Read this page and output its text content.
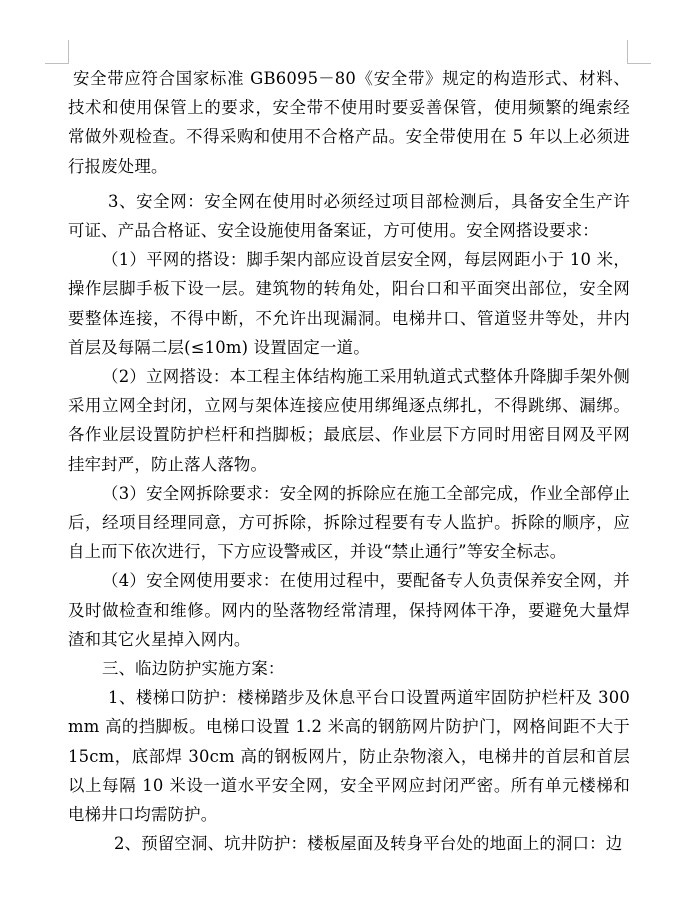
安全带应符合国家标准 GB6095－80《安全带》规定的构造形式、材料、技术和使用保管上的要求，安全带不使用时要妥善保管，使用频繁的绳索经常做外观检查。不得采购和使用不合格产品。安全带使用在 5 年以上必须进行报废处理。

3、安全网：安全网在使用时必须经过项目部检测后，具备安全生产许可证、产品合格证、安全设施使用备案证，方可使用。安全网搭设要求：

（1）平网的搭设：脚手架内部应设首层安全网，每层网距小于 10 米，操作层脚手板下设一层。建筑物的转角处，阳台口和平面突出部位，安全网要整体连接，不得中断，不允许出现漏洞。电梯井口、管道竖井等处，井内首层及每隔二层(≤10m) 设置固定一道。

（2）立网搭设：本工程主体结构施工采用轨道式式整体升降脚手架外侧采用立网全封闭，立网与架体连接应使用绑绳逐点绑扎，不得跳绑、漏绑。各作业层设置防护栏杆和挡脚板；最底层、作业层下方同时用密目网及平网挂牢封严，防止落人落物。

（3）安全网拆除要求：安全网的拆除应在施工全部完成，作业全部停止后，经项目经理同意，方可拆除，拆除过程要有专人监护。拆除的顺序，应自上而下依次进行，下方应设警戒区，并设“禁止通行”等安全标志。

（4）安全网使用要求：在使用过程中，要配备专人负责保养安全网，并及时做检查和维修。网内的坠落物经常清理，保持网体干净，要避免大量焊渣和其它火星掉入网内。

三、临边防护实施方案：

1、楼梯口防护：楼梯踏步及休息平台口设置两道牢固防护栏杆及 300mm 高的挡脚板。电梯口设置 1.2 米高的钢筋网片防护门，网格间距不大于 15cm，底部焊 30cm 高的钢板网片，防止杂物滚入，电梯井的首层和首层以上每隔 10 米设一道水平安全网，安全平网应封闭严密。所有单元楼梯和电梯井口均需防护。

2、预留空洞、坑井防护：楼板屋面及转身平台处的地面上的洞口：边
